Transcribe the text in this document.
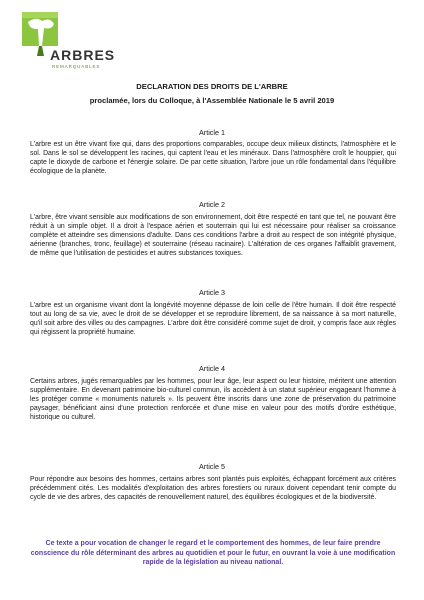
ARBRES
REMARQUABLES
DECLARATION DES DROITS DE L'ARBRE
proclamée, lors du Colloque, à l'Assemblée Nationale le 5 avril 2019
Article 1

L'arbre est un être vivant fixe qui, dans des proportions comparables, occupe deux milieux distincts, l'atmosphère et le sol. Dans le sol se développent les racines, qui captent l'eau et les minéraux. Dans l'atmosphère croît le houppier, qui capte le dioxyde de carbone et l'énergie solaire. De par cette situation, l'arbre joue un rôle fondamental dans l'équilibre écologique de la planète.

Article 2

L'arbre, être vivant sensible aux modifications de son environnement, doit être respecté en tant que tel, ne pouvant être réduit à un simple objet. Il a droit à l'espace aérien et souterrain qui lui est nécessaire pour réaliser sa croissance complète et atteindre ses dimensions d'adulte. Dans ces conditions l'arbre a droit au respect de son intégrité physique, aérienne (branches, tronc, feuillage) et souterraine (réseau racinaire). L'altération de ces organes l'affaiblit gravement, de même que l'utilisation de pesticides et autres substances toxiques.

Article 3

L'arbre est un organisme vivant dont la longévité moyenne dépasse de loin celle de l'être humain. Il doit être respecté tout au long de sa vie, avec le droit de se développer et se reproduire librement, de sa naissance à sa mort naturelle, qu'il soit arbre des villes ou des campagnes. L'arbre doit être considéré comme sujet de droit, y compris face aux règles qui régissent la propriété humaine.

Article 4

Certains arbres, jugés remarquables par les hommes, pour leur âge, leur aspect ou leur histoire, méritent une attention supplémentaire. En devenant patrimoine bio-culturel commun, ils accèdent à un statut supérieur engageant l'homme à les protéger comme « monuments naturels ». Ils peuvent être inscrits dans une zone de préservation du patrimoine paysager, bénéficiant ainsi d'une protection renforcée et d'une mise en valeur pour des motifs d'ordre esthétique, historique ou culturel.

Article 5

Pour répondre aux besoins des hommes, certains arbres sont plantés puis exploités, échappant forcément aux critères précédemment cités. Les modalités d'exploitation des arbres forestiers ou ruraux doivent cependant tenir compte du cycle de vie des arbres, des capacités de renouvellement naturel, des équilibres écologiques et de la biodiversité.

Ce texte a pour vocation de changer le regard et le comportement des hommes, de leur faire prendre conscience du rôle déterminant des arbres au quotidien et pour le futur, en ouvrant la voie à une modification rapide de la législation au niveau national.
